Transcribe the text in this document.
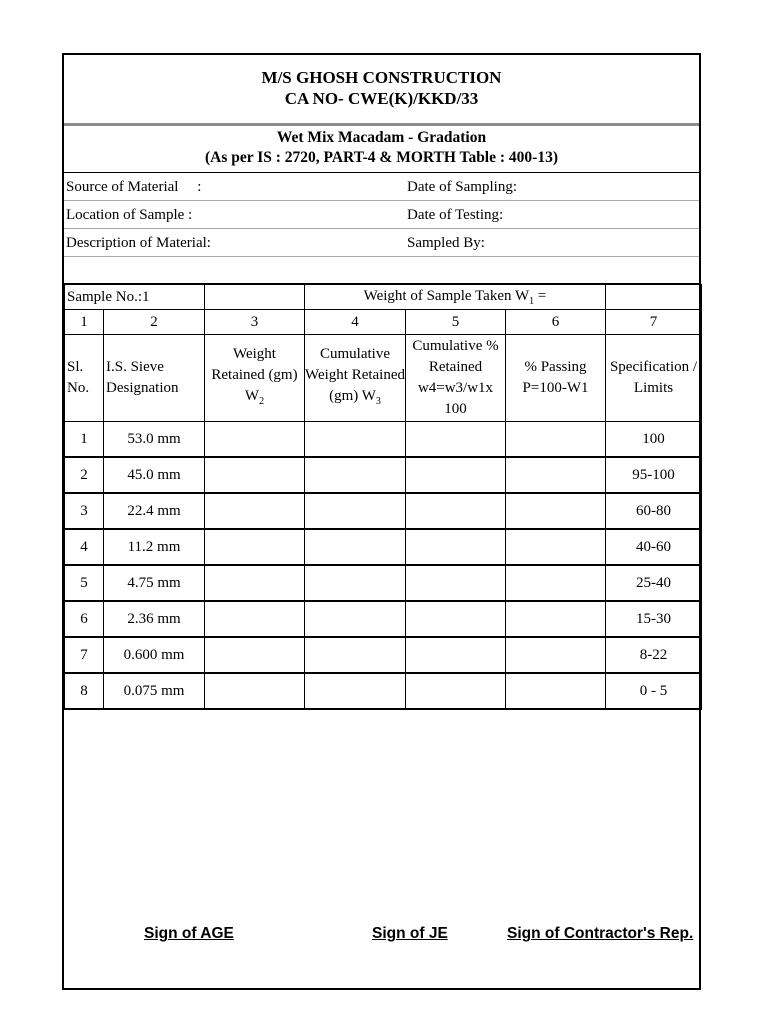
M/S GHOSH CONSTRUCTION
CA NO- CWE(K)/KKD/33
Wet Mix Macadam - Gradation
(As per IS : 2720, PART-4 & MORTH Table : 400-13)
Source of Material     :	Date of Sampling:
Location of Sample :	Date of Testing:
Description of Material:	Sampled By:
Sample No.:1			Weight of Sample Taken $W_1$ =			
1	2	3	4	5	6	7
Sl. No.	I.S. Sieve Designation	Weight Retained (gm) $W_2$	Cumulative Weight Retained (gm) $W_3$	Cumulative % Retained w4=w3/w1x 100	% Passing P=100-W1	Specification / Limits
1	53.0 mm					100
2	45.0 mm					95-100
3	22.4 mm					60-80
4	11.2 mm					40-60
5	4.75 mm					25-40
6	2.36 mm					15-30
7	0.600 mm					8-22
8	0.075 mm					0 - 5
Sign of AGE	Sign of JE	Sign of Contractor's Rep.
